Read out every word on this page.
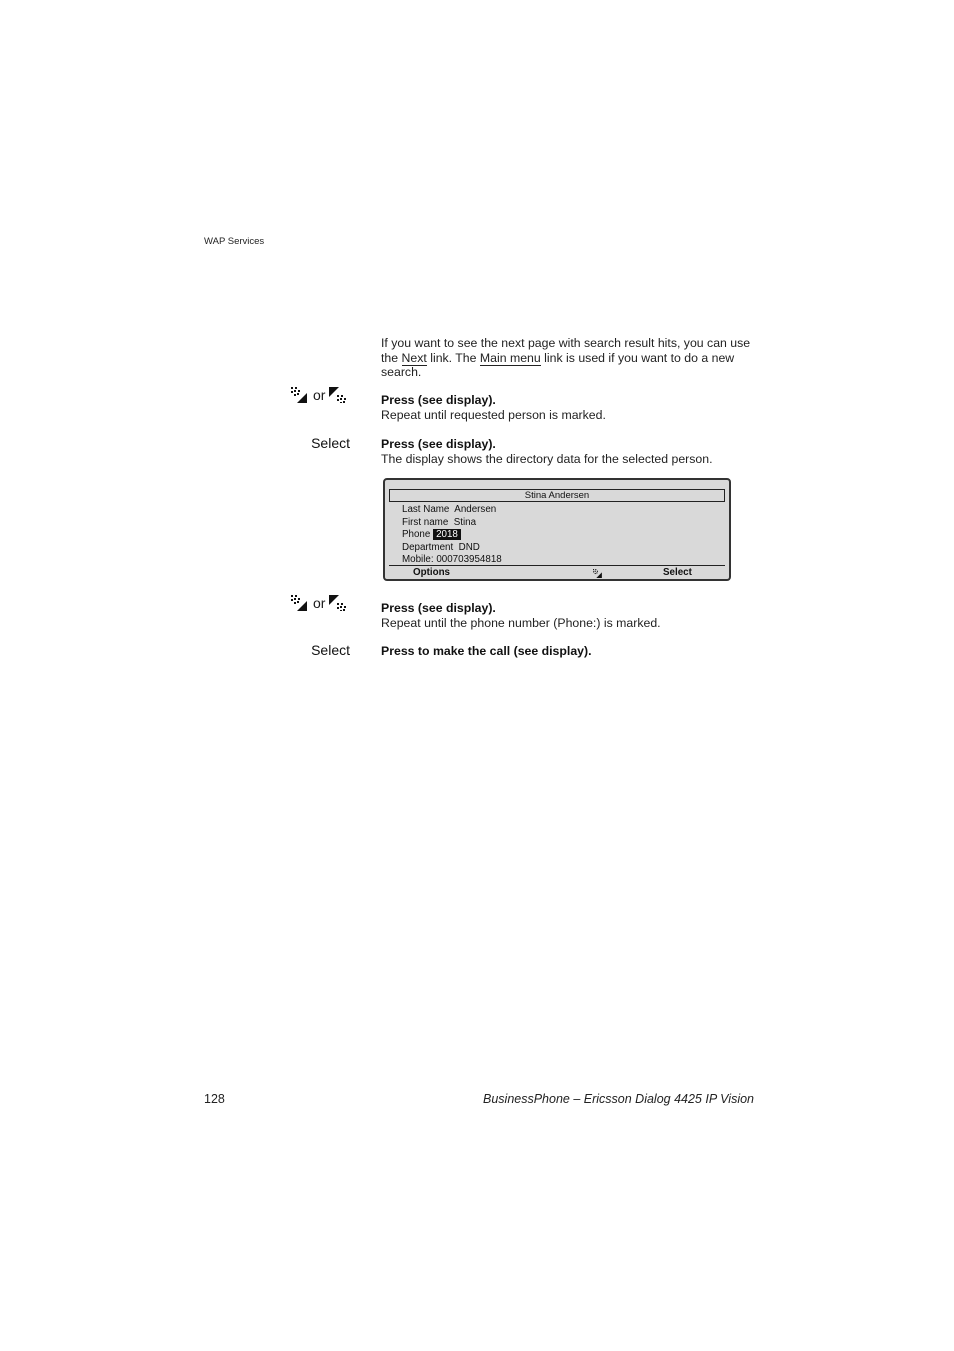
WAP Services
If you want to see the next page with search result hits, you can use the Next link. The Main menu link is used if you want to do a new search.
or	Press (see display).
Repeat until requested person is marked.
Select	Press (see display).
The display shows the directory data for the selected person.
Stina Andersen
Last Name Andersen
First name Stina
Phone 2018
Department DND
Mobile: 000703954818
Options	Select
or	Press (see display).
Repeat until the phone number (Phone:) is marked.
Select	Press to make the call (see display).
128	BusinessPhone – Ericsson Dialog 4425 IP Vision
